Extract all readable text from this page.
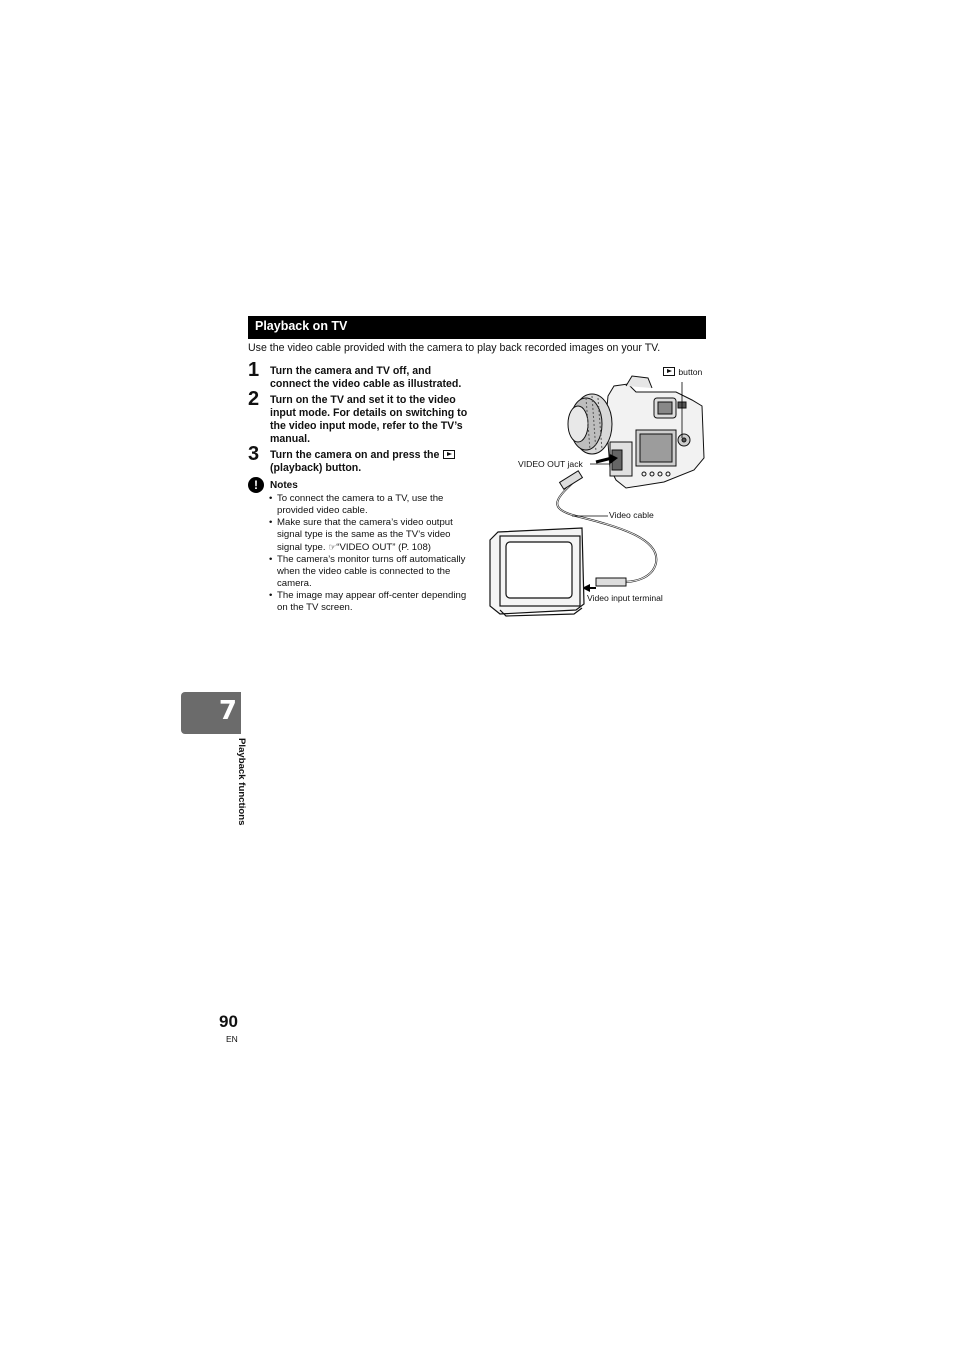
Playback on TV
Use the video cable provided with the camera to play back recorded images on your TV.
1 Turn the camera and TV off, and
connect the video cable as illustrated.
2 Turn on the TV and set it to the video
input mode. For details on switching to
the video input mode, refer to the TV’s
manual.
3 Turn the camera on and press the
(playback) button.
!	Notes
• To connect the camera to a TV, use the
provided video cable.
• Make sure that the camera’s video output
signal type is the same as the TV’s video
signal type. ☞“VIDEO OUT” (P. 108)
• The camera’s monitor turns off automatically
when the video cable is connected to the
camera.
• The image may appear off-center depending
on the TV screen.
button
VIDEO OUT jack
Video cable
Video input terminal
7
Playback functions
90
EN
